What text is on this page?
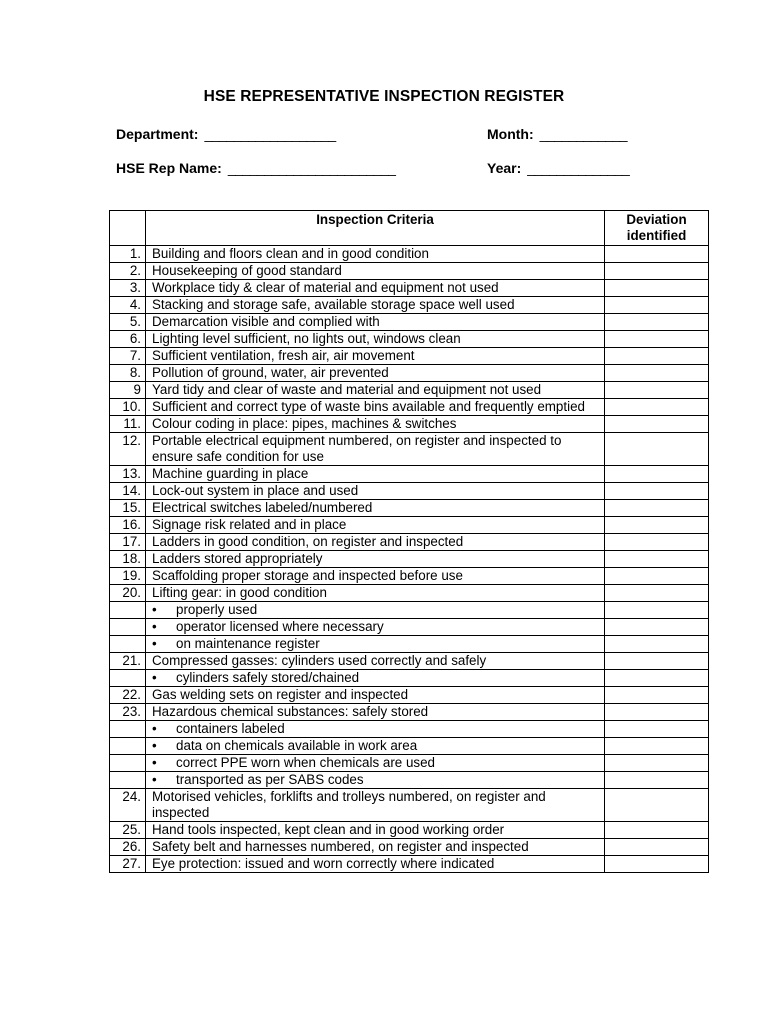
HSE REPRESENTATIVE INSPECTION REGISTER
Department: __________________	Month: ____________
HSE Rep Name: _______________________	Year: ______________
	Inspection Criteria	Deviation
identified
1.	Building and floors clean and in good condition	
2.	Housekeeping of good standard	
3.	Workplace tidy & clear of material and equipment not used	
4.	Stacking and storage safe, available storage space well used	
5.	Demarcation visible and complied with	
6.	Lighting level sufficient, no lights out, windows clean	
7.	Sufficient ventilation, fresh air, air movement	
8.	Pollution of ground, water, air prevented	
9	Yard tidy and clear of waste and material and equipment not used	
10.	Sufficient and correct type of waste bins available and frequently emptied	
11.	Colour coding in place: pipes, machines & switches	
12.	Portable electrical equipment numbered, on register and inspected to ensure safe condition for use	
13.	Machine guarding in place	
14.	Lock-out system in place and used	
15.	Electrical switches labeled/numbered	
16.	Signage risk related and in place	
17.	Ladders in good condition, on register and inspected	
18.	Ladders stored appropriately	
19.	Scaffolding proper storage and inspected before use	
20.	Lifting gear: in good condition	
	• properly used	
	• operator licensed where necessary	
	• on maintenance register	
21.	Compressed gasses: cylinders used correctly and safely	
	• cylinders safely stored/chained	
22.	Gas welding sets on register and inspected	
23.	Hazardous chemical substances: safely stored	
	• containers labeled	
	• data on chemicals available in work area	
	• correct PPE worn when chemicals are used	
	• transported as per SABS codes	
24.	Motorised vehicles, forklifts and trolleys numbered, on register and inspected	
25.	Hand tools inspected, kept clean and in good working order	
26.	Safety belt and harnesses numbered, on register and inspected	
27.	Eye protection: issued and worn correctly where indicated	
